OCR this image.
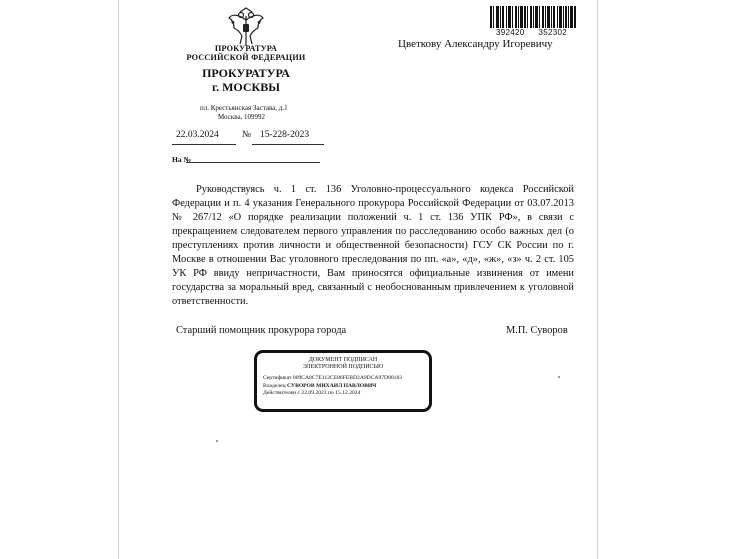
ПРОКУРАТУРА
РОССИЙСКОЙ ФЕДЕРАЦИИ
ПРОКУРАТУРА
г. МОСКВЫ
пл. Крестьянская Застава, д.1
Москва, 109992
22.03.2024 № 15-228-2023
На №
392420 352302
Цветкову Александру Игоревичу

Руководствуясь ч. 1 ст. 136 Уголовно-процессуального кодекса Российской Федерации и п. 4 указания Генерального прокурора Российской Федерации от 03.07.2013 № 267/12 «О порядке реализации положений ч. 1 ст. 136 УПК РФ», в связи с прекращением следователем первого управления по расследованию особо важных дел (о преступлениях против личности и общественной безопасности) ГСУ СК России по г. Москве в отношении Вас уголовного преследования по пп. «а», «д», «ж», «з» ч. 2 ст. 105 УК РФ ввиду непричастности, Вам приносятся официальные извинения от имени государства за моральный вред, связанный с необоснованным привлечением к уголовной ответственности.

Старший помощник прокурора города	М.П. Суворов
ДОКУМЕНТ ПОДПИСАН
ЭЛЕКТРОННОЙ ПОДПИСЬЮ
Сертификат 009CA8C7E112CE86FEBD2A9DCA97D80183
Владелец СУВОРОВ МИХАИЛ ПАВЛОВИЧ
Действителен с 22.09.2023 по 15.12.2024
